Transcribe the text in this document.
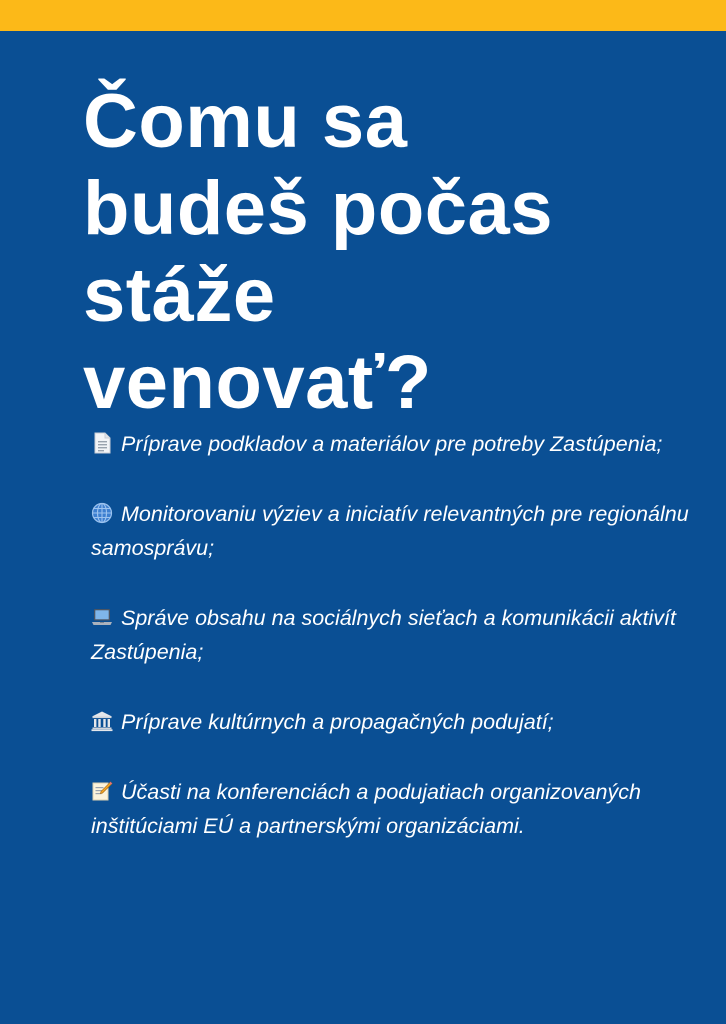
Čomu sa
budeš počas
stáže
venovať?
Príprave podkladov a materiálov pre potreby Zastúpenia;
Monitorovaniu výziev a iniciatív relevantných pre regionálnu samosprávu;
Správe obsahu na sociálnych sieťach a komunikácii aktivít Zastúpenia;
Príprave kultúrnych a propagačných podujatí;
Účasti na konferenciách a podujatiach organizovaných inštitúciami EÚ a partnerskými organizáciami.
